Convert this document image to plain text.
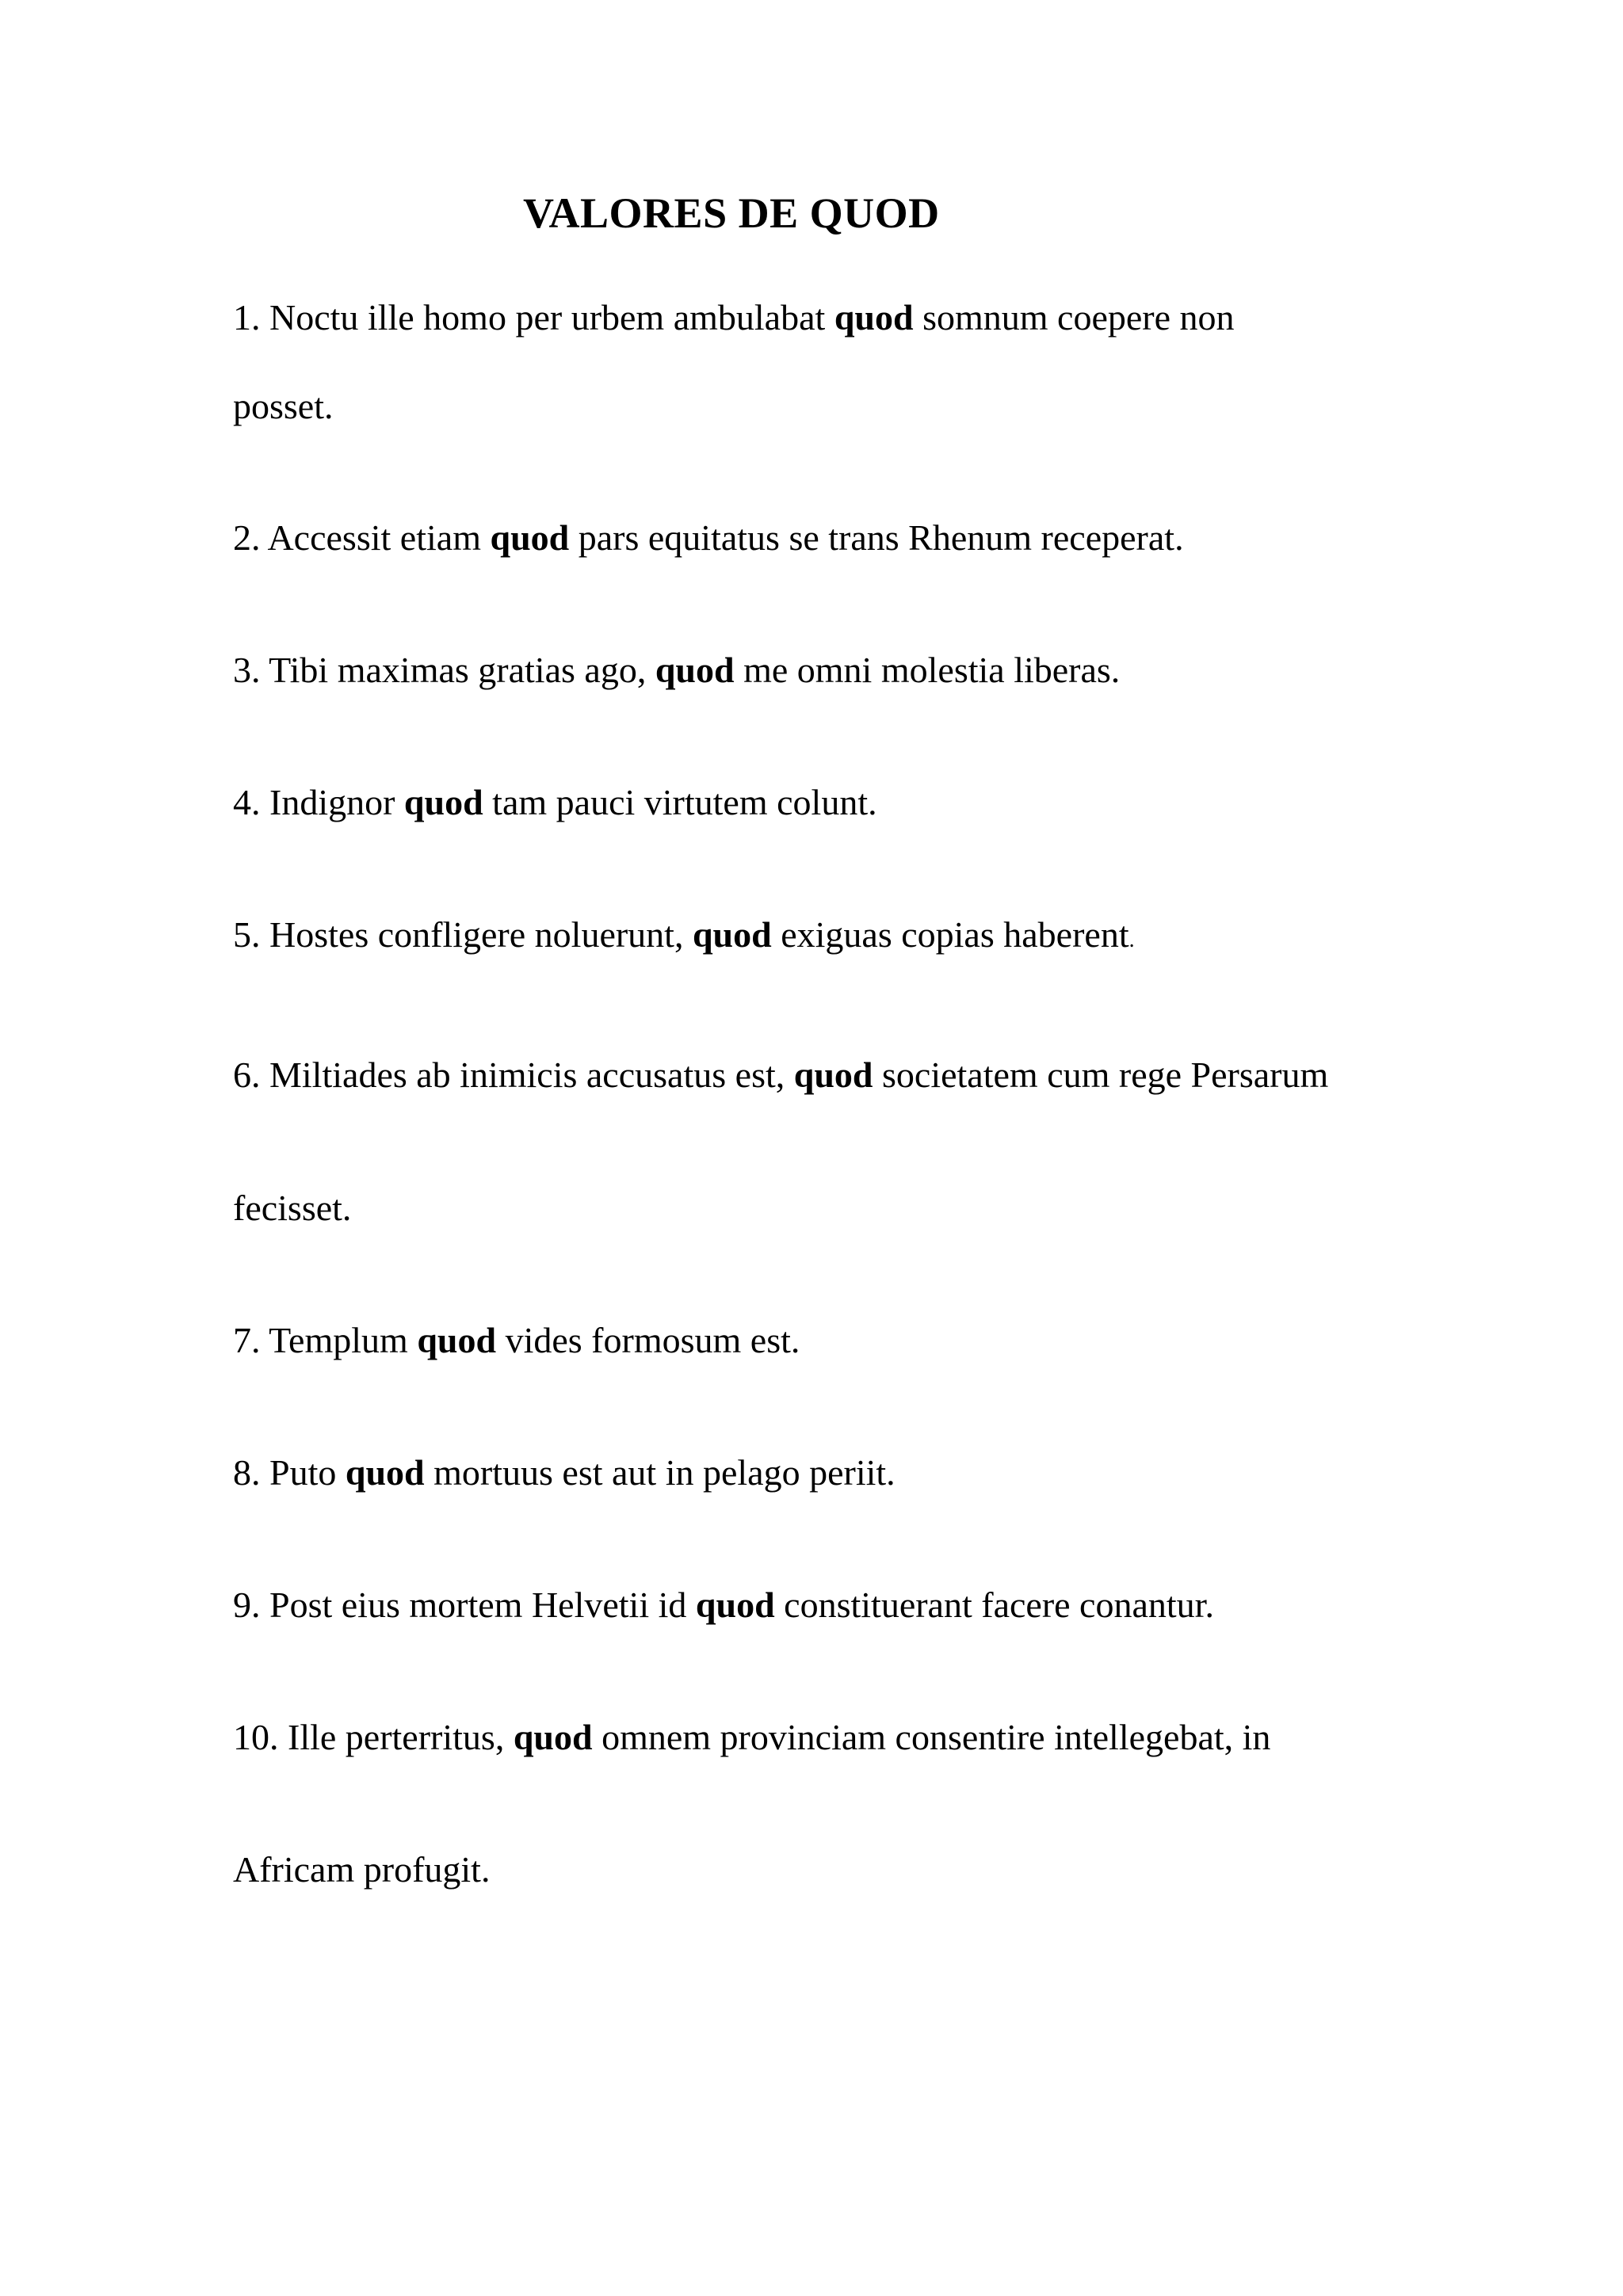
VALORES DE QUOD
1. Noctu ille homo per urbem ambulabat quod somnum coepere non
posset.
2. Accessit etiam quod pars equitatus se trans Rhenum receperat.
3. Tibi maximas gratias ago, quod me omni molestia liberas.
4. Indignor quod tam pauci virtutem colunt.
5. Hostes confligere noluerunt, quod exiguas copias haberent.
6. Miltiades ab inimicis accusatus est, quod societatem cum rege Persarum
fecisset.
7. Templum quod vides formosum est.
8. Puto quod mortuus est aut in pelago periit.
9. Post eius mortem Helvetii id quod constituerant facere conantur.
10. Ille perterritus, quod omnem provinciam consentire intellegebat, in
Africam profugit.
